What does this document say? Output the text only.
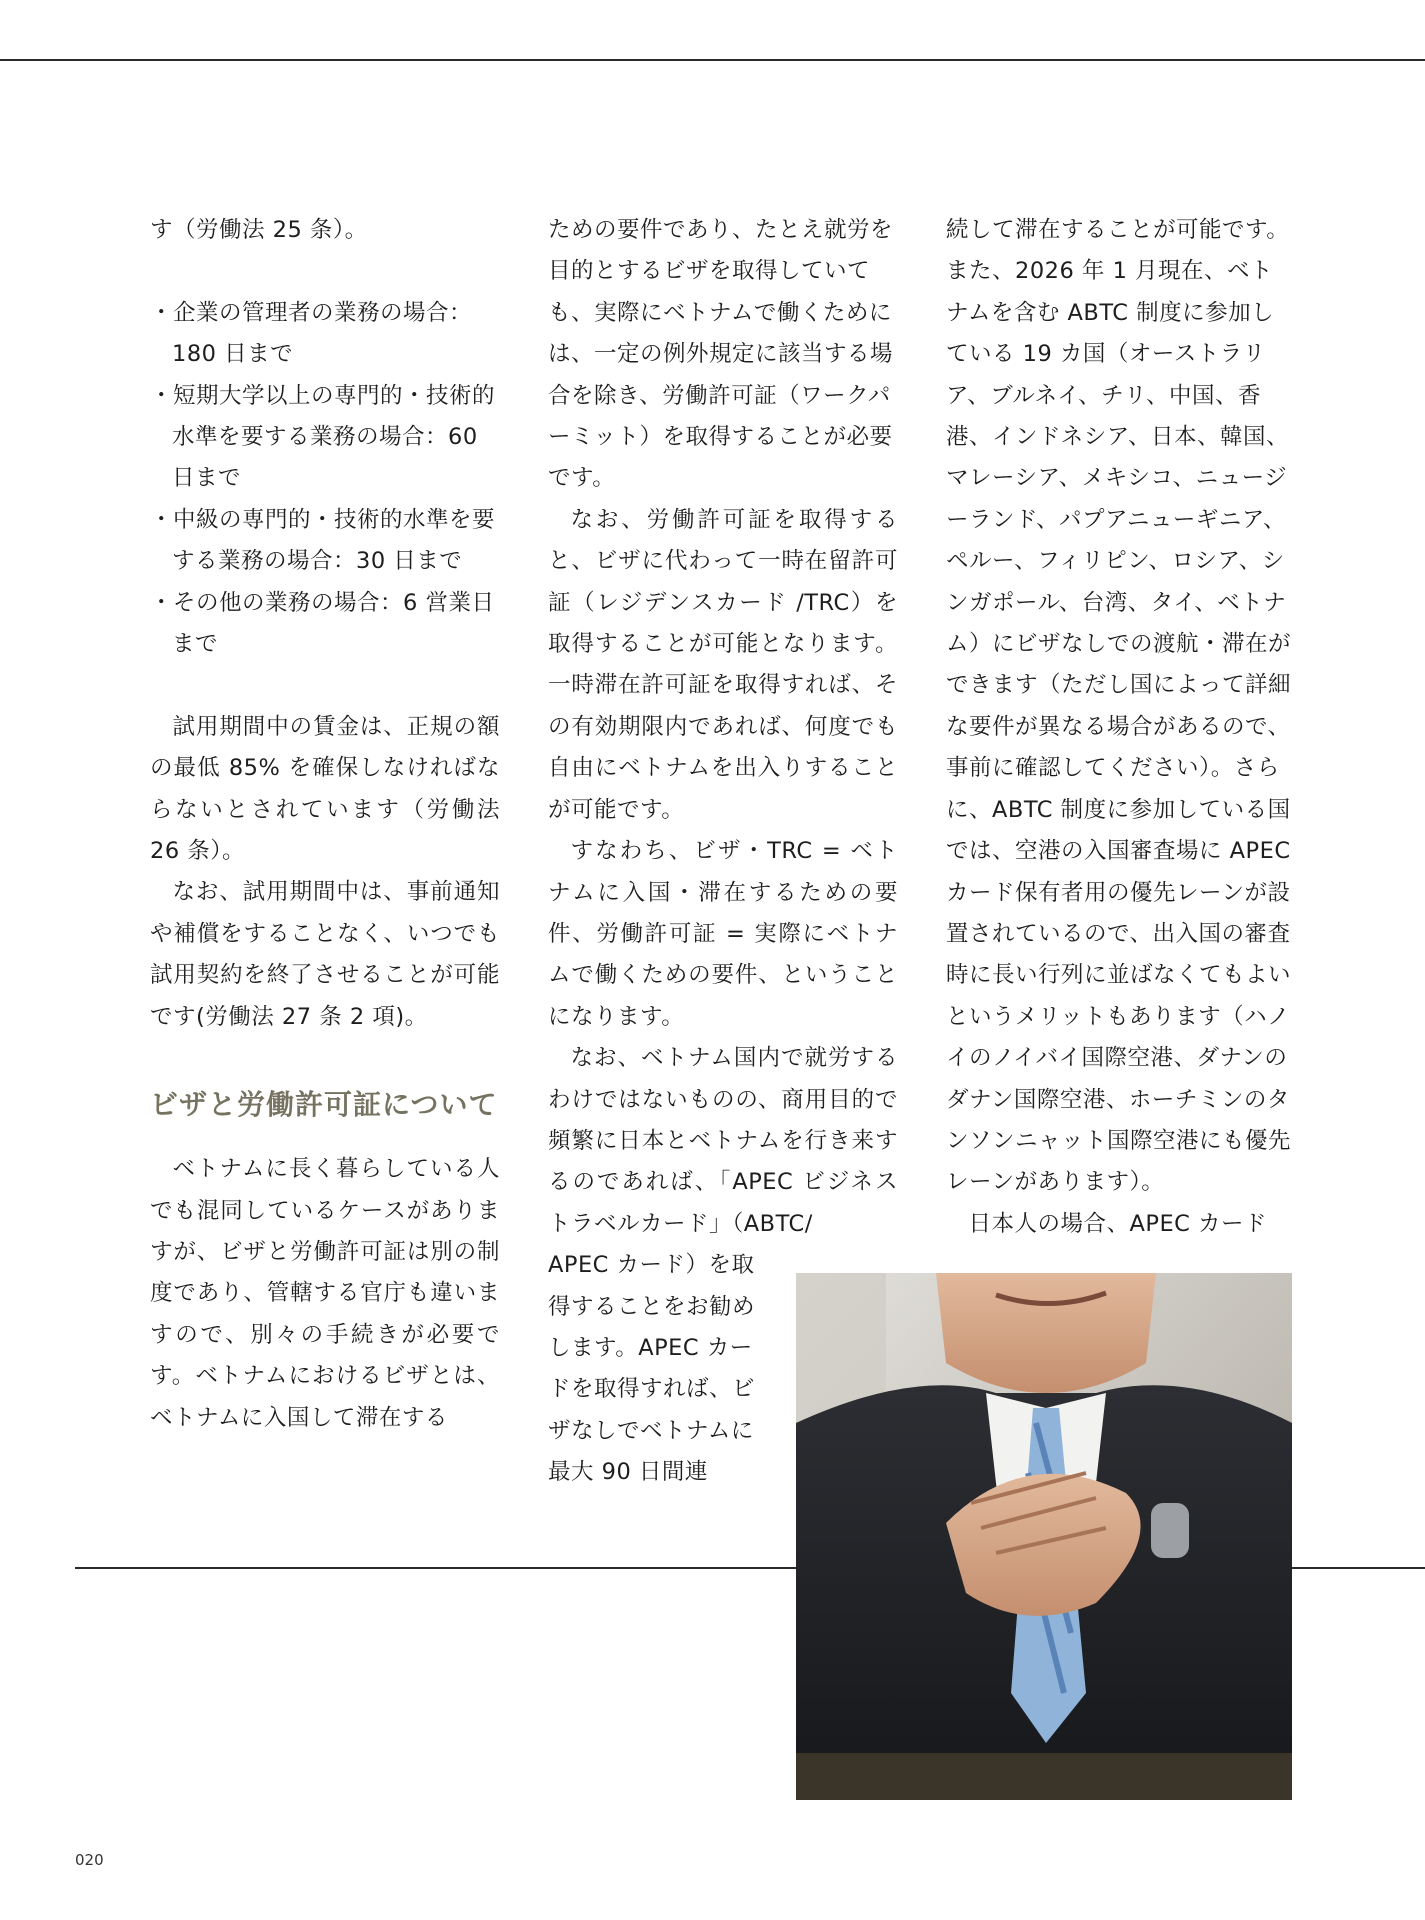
す（労働法 25 条）。

・企業の管理者の業務の場合：180 日まで

・短期大学以上の専門的・技術的水準を要する業務の場合：60 日まで

・中級の専門的・技術的水準を要する業務の場合：30 日まで

・その他の業務の場合：6 営業日まで

試用期間中の賃金は、正規の額の最低 85% を確保しなければならないとされています（労働法 26 条）。

なお、試用期間中は、事前通知や補償をすることなく、いつでも試用契約を終了させることが可能です(労働法 27 条 2 項)。

ビザと労働許可証について

ベトナムに長く暮らしている人でも混同しているケースがありますが、ビザと労働許可証は別の制度であり、管轄する官庁も違いますので、別々の手続きが必要です。ベトナムにおけるビザとは、ベトナムに入国して滞在する

ための要件であり、たとえ就労を目的とするビザを取得していても、実際にベトナムで働くためには、一定の例外規定に該当する場合を除き、労働許可証（ワークパーミット）を取得することが必要です。

なお、労働許可証を取得すると、ビザに代わって一時在留許可証（レジデンスカード /TRC）を取得することが可能となります。一時滞在許可証を取得すれば、その有効期限内であれば、何度でも自由にベトナムを出入りすることが可能です。

すなわち、ビザ・TRC = ベトナムに入国・滞在するための要件、労働許可証 = 実際にベトナムで働くための要件、ということになります。

なお、ベトナム国内で就労するわけではないものの、商用目的で頻繁に日本とベトナムを行き来するのであれば、「APEC ビジネストラベルカード」（ABTC/

APEC カード）を取得することをお勧めします。APEC カードを取得すれば、ビザなしでベトナムに最大 90 日間連

続して滞在することが可能です。また、2026 年 1 月現在、ベトナムを含む ABTC 制度に参加している 19 カ国（オーストラリア、ブルネイ、チリ、中国、香港、インドネシア、日本、韓国、マレーシア、メキシコ、ニュージーランド、パプアニューギニア、ペルー、フィリピン、ロシア、シンガポール、台湾、タイ、ベトナム）にビザなしでの渡航・滞在ができます（ただし国によって詳細な要件が異なる場合があるので、事前に確認してください）。さらに、ABTC 制度に参加している国では、空港の入国審査場に APEC カード保有者用の優先レーンが設置されているので、出入国の審査時に長い行列に並ばなくてもよいというメリットもあります（ハノイのノイバイ国際空港、ダナンのダナン国際空港、ホーチミンのタンソンニャット国際空港にも優先レーンがあります）。

日本人の場合、APEC カード

020
